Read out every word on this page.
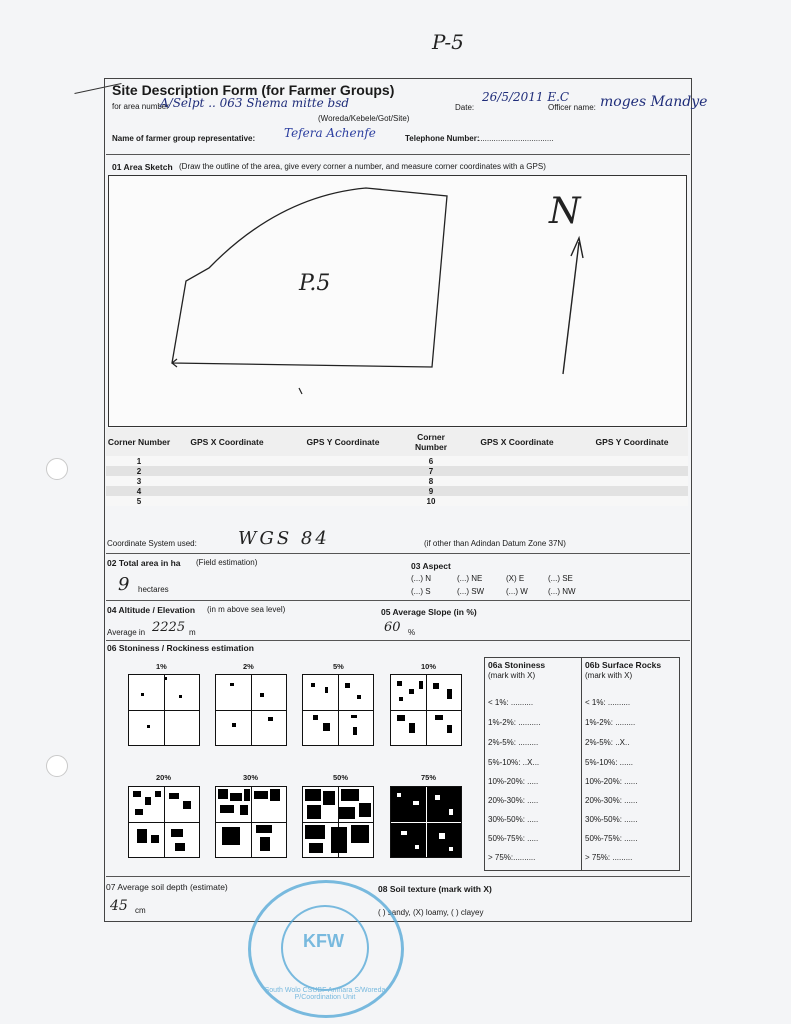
P-5
Site Description Form (for Farmer Groups)
for area number
A/Selpt .. 063 Shema mitte bsd
(Woreda/Kebele/Got/Site)
Date:
26/5/2011 E.C
Officer name: moges Mandye
Name of farmer group representative: Tefera Achenfe	Telephone Number:
..................................
01 Area Sketch (Draw the outline of the area, give every corner a number, and measure corner coordinates with a GPS)
P.5
N
Corner Number	GPS X Coordinate	GPS Y Coordinate	Corner Number	GPS X Coordinate	GPS Y Coordinate
1			6		
2			7		
3			8		
4			9		
5			10		
Coordinate System used: WGS 84	(if other than Adindan Datum Zone 37N)
02 Total area in ha (Field estimation)
9 hectares
03 Aspect
(...) N	(...) NE	(X) E	(...) SE
(...) S	(...) SW	(...) W	(...) NW
04 Altitude / Elevation (in m above sea level)
Average in 2225 m
05 Average Slope (in %)
60 %
06 Stoniness / Rockiness estimation
1%	2%	5%	10%
20%	30%	50%	75%
06a Stoniness
(mark with X)
< 1%: ..........
1%-2%: ..........
2%-5%: .........
5%-10%: ..X...
10%-20%: .....
20%-30%: .....
30%-50%: .....
50%-75%: .....
> 75%:..........
06b Surface Rocks
(mark with X)
< 1%: ..........
1%-2%: .........
2%-5%: ..X..
5%-10%: ......
10%-20%: ......
20%-30%: ......
30%-50%: ......
50%-75%: ......
> 75%: .........
07 Average soil depth (estimate)
45 cm
08 Soil texture (mark with X)
( ) sandy, (X) loamy, ( ) clayey
KFW
South Wolo CSUBF Amhara S/Woreda P/Coordination Unit
